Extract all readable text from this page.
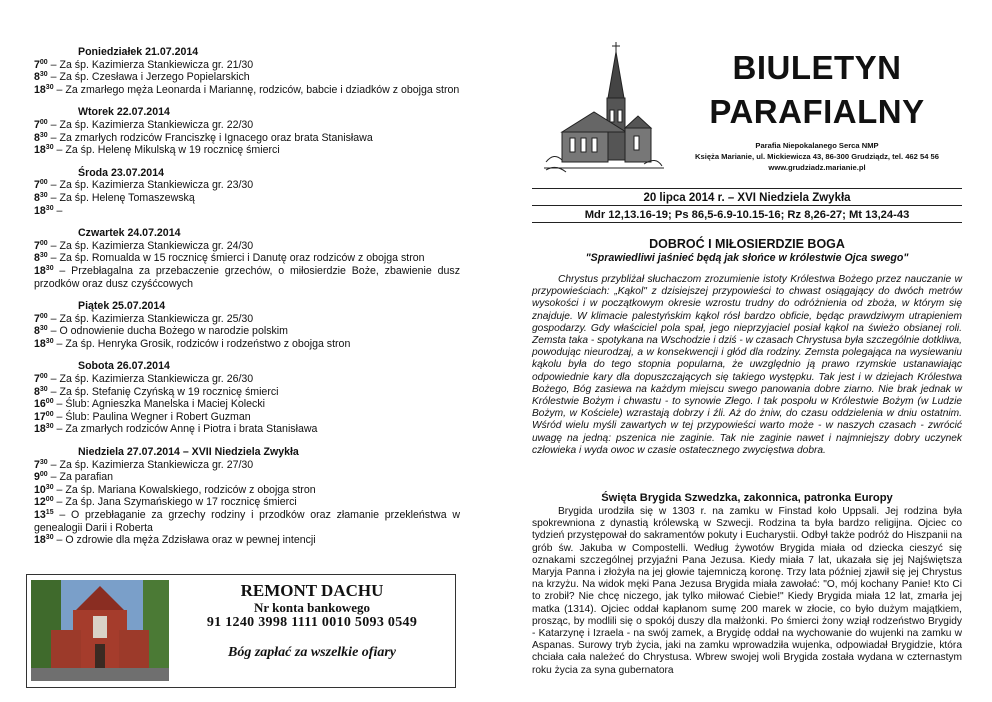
Poniedziałek 21.07.2014
$7^{00}$ – Za śp. Kazimierza Stankiewicza gr. 21/30
$8^{30}$ – Za śp. Czesława i Jerzego Popielarskich
$18^{30}$ – Za zmarłego męża Leonarda i Mariannę, rodziców, babcie i dziadków z obojga stron
Wtorek 22.07.2014
$7^{00}$ – Za śp. Kazimierza Stankiewicza gr. 22/30
$8^{30}$ – Za zmarłych rodziców Franciszkę i Ignacego oraz brata Stanisława
$18^{30}$ – Za śp. Helenę Mikulską w 19 rocznicę śmierci
Środa 23.07.2014
$7^{00}$ – Za śp. Kazimierza Stankiewicza gr. 23/30
$8^{30}$ – Za śp. Helenę Tomaszewską
$18^{30}$ –
Czwartek 24.07.2014
$7^{00}$ – Za śp. Kazimierza Stankiewicza gr. 24/30
$8^{30}$ – Za śp. Romualda w 15 rocznicę śmierci i Danutę oraz rodziców z obojga stron
$18^{30}$ – Przebłagalna za przebaczenie grzechów, o miłosierdzie Boże, zbawienie dusz przodków oraz dusz czyśćcowych
Piątek 25.07.2014
$7^{00}$ – Za śp. Kazimierza Stankiewicza gr. 25/30
$8^{30}$ – O odnowienie ducha Bożego w narodzie polskim
$18^{30}$ – Za śp. Henryka Grosik, rodziców i rodzeństwo z obojga stron
Sobota 26.07.2014
$7^{00}$ – Za śp. Kazimierza Stankiewicza gr. 26/30
$8^{30}$ – Za śp. Stefanię Czyńską w 19 rocznicę śmierci
$16^{00}$ – Ślub: Agnieszka Manelska i Maciej Kolecki
$17^{00}$ – Ślub: Paulina Wegner i Robert Guzman
$18^{30}$ – Za zmarłych rodziców Annę i Piotra i brata Stanisława
Niedziela 27.07.2014 – XVII Niedziela Zwykła
$7^{30}$ – Za śp. Kazimierza Stankiewicza gr. 27/30
$9^{00}$ – Za parafian
$10^{30}$ – Za śp. Mariana Kowalskiego, rodziców z obojga stron
$12^{00}$ – Za śp. Jana Szymańskiego w 17 rocznicę śmierci
$13^{15}$ – O przebłaganie za grzechy rodziny i przodków oraz złamanie przekleństwa w genealogii Darii i Roberta
$18^{30}$ – O zdrowie dla męża Zdzisława oraz w pewnej intencji
REMONT DACHU
Nr konta bankowego
91 1240 3998 1111 0010 5093 0549
Bóg zapłać za wszelkie ofiary
BIULETYN
PARAFIALNY
Parafia Niepokalanego Serca NMP
Księża Marianie, ul. Mickiewicza 43, 86-300 Grudziądz, tel. 462 54 56
www.grudziadz.marianie.pl
20 lipca 2014 r. – XVI Niedziela Zwykła
Mdr 12,13.16-19; Ps 86,5-6.9-10.15-16; Rz 8,26-27; Mt 13,24-43
DOBROĆ I MIŁOSIERDZIE BOGA
"Sprawiedliwi jaśnieć będą jak słońce w królestwie Ojca swego"
Chrystus przybliżał słuchaczom zrozumienie istoty Królestwa Bożego przez nauczanie w przypowieściach: „Kąkol" z dzisiejszej przypowieści to chwast osiągający do dwóch metrów wysokości i w początkowym okresie wzrostu trudny do odróżnienia od zboża, w którym się znajduje. W klimacie palestyńskim kąkol rósł bardzo obficie, będąc prawdziwym utrapieniem gospodarzy. Gdy właściciel pola spał, jego nieprzyjaciel posiał kąkol na świeżo obsianej roli. Zemsta taka - spotykana na Wschodzie i dziś - w czasach Chrystusa była szczególnie dotkliwa, powodując nieurodzaj, a w konsekwencji i głód dla rodziny. Zemsta polegająca na wysiewaniu kąkolu była do tego stopnia popularna, że uwzględnio ją prawo rzymskie ustanawiając odpowiednie kary dla dopuszczających się takiego występku. Tak jest i w dziejach Królestwa Bożego, Bóg zasiewa na każdym miejscu swego panowania dobre ziarno. Nie brak jednak w Królestwie Bożym i chwastu - to synowie Złego. I tak pospołu w Królestwie Bożym (w Ludzie Bożym, w Kościele) wzrastają dobrzy i źli. Aż do żniw, do czasu oddzielenia w dniu ostatnim. Wśród wielu myśli zawartych w tej przypowieści warto może - w naszych czasach - zwrócić uwagę na jedną: pszenica nie zaginie. Tak nie zaginie nawet i najmniejszy dobry uczynek człowieka i wyda owoc w czasie ostatecznego zwycięstwa dobra.
Święta Brygida Szwedzka, zakonnica, patronka Europy
Brygida urodziła się w 1303 r. na zamku w Finstad koło Uppsali. Jej rodzina była spokrewniona z dynastią królewską w Szwecji. Rodzina ta była bardzo religijna. Ojciec co tydzień przystępował do sakramentów pokuty i Eucharystii. Odbył także podróż do Hiszpanii na grób św. Jakuba w Compostelli. Według żywotów Brygida miała od dziecka cieszyć się oznakami szczególnej przyjaźni Pana Jezusa. Kiedy miała 7 lat, ukazała się jej Najświętsza Maryja Panna i złożyła na jej głowie tajemniczą koronę. Trzy lata później zjawił się jej Chrystus na krzyżu. Na widok męki Pana Jezusa Brygida miała zawołać: "O, mój kochany Panie! Kto Ci to zrobił? Nie chcę niczego, jak tylko miłować Ciebie!" Kiedy Brygida miała 12 lat, zmarła jej matka (1314). Ojciec oddał kapłanom sumę 200 marek w złocie, co było dużym majątkiem, prosząc, by modlili się o spokój duszy dla małżonki. Po śmierci żony wziął rodzeństwo Brygidy - Katarzynę i Izraela - na swój zamek, a Brygidę oddał na wychowanie do wujenki na zamku w Aspanas. Surowy tryb życia, jaki na zamku wprowadziła wujenka, odpowiadał Brygidzie, która chciała cała należeć do Chrystusa. Wbrew swojej woli Brygida została wydana w czternastym roku życia za syna gubernatora
